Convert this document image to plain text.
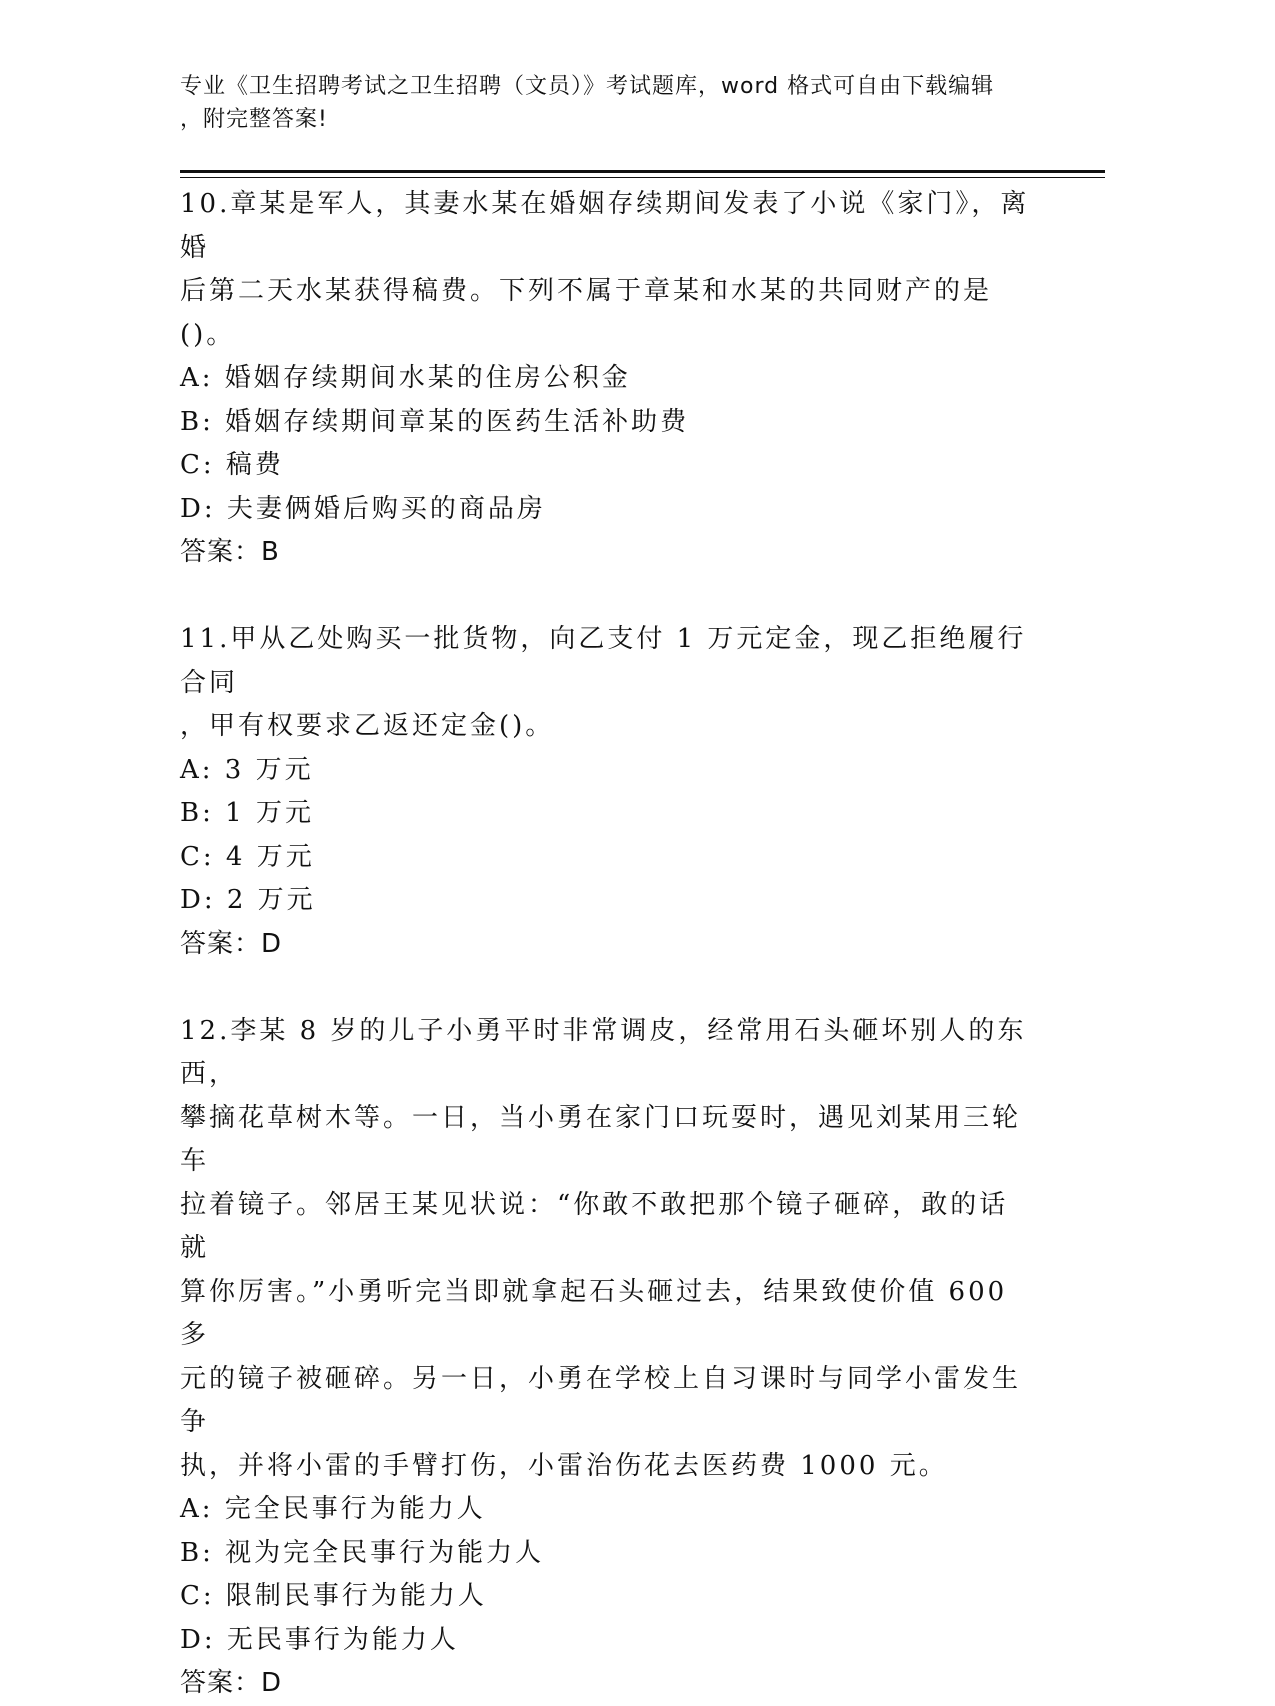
专业《卫生招聘考试之卫生招聘（文员）》考试题库，word 格式可自由下载编辑
，附完整答案!

10.章某是军人，其妻水某在婚姻存续期间发表了小说《家门》，离婚

后第二天水某获得稿费。下列不属于章某和水某的共同财产的是()。

A: 婚姻存续期间水某的住房公积金

B: 婚姻存续期间章某的医药生活补助费

C: 稿费

D: 夫妻俩婚后购买的商品房

答案：B

11.甲从乙处购买一批货物，向乙支付 1 万元定金，现乙拒绝履行合同

，甲有权要求乙返还定金()。

A: 3 万元

B: 1 万元

C: 4 万元

D: 2 万元

答案：D

12.李某 8 岁的儿子小勇平时非常调皮，经常用石头砸坏别人的东西，

攀摘花草树木等。一日，当小勇在家门口玩耍时，遇见刘某用三轮车

拉着镜子。邻居王某见状说：“你敢不敢把那个镜子砸碎，敢的话就

算你厉害。”小勇听完当即就拿起石头砸过去，结果致使价值 600 多

元的镜子被砸碎。另一日，小勇在学校上自习课时与同学小雷发生争

执，并将小雷的手臂打伤，小雷治伤花去医药费 1000 元。

A: 完全民事行为能力人

B: 视为完全民事行为能力人

C: 限制民事行为能力人

D: 无民事行为能力人

答案：D
